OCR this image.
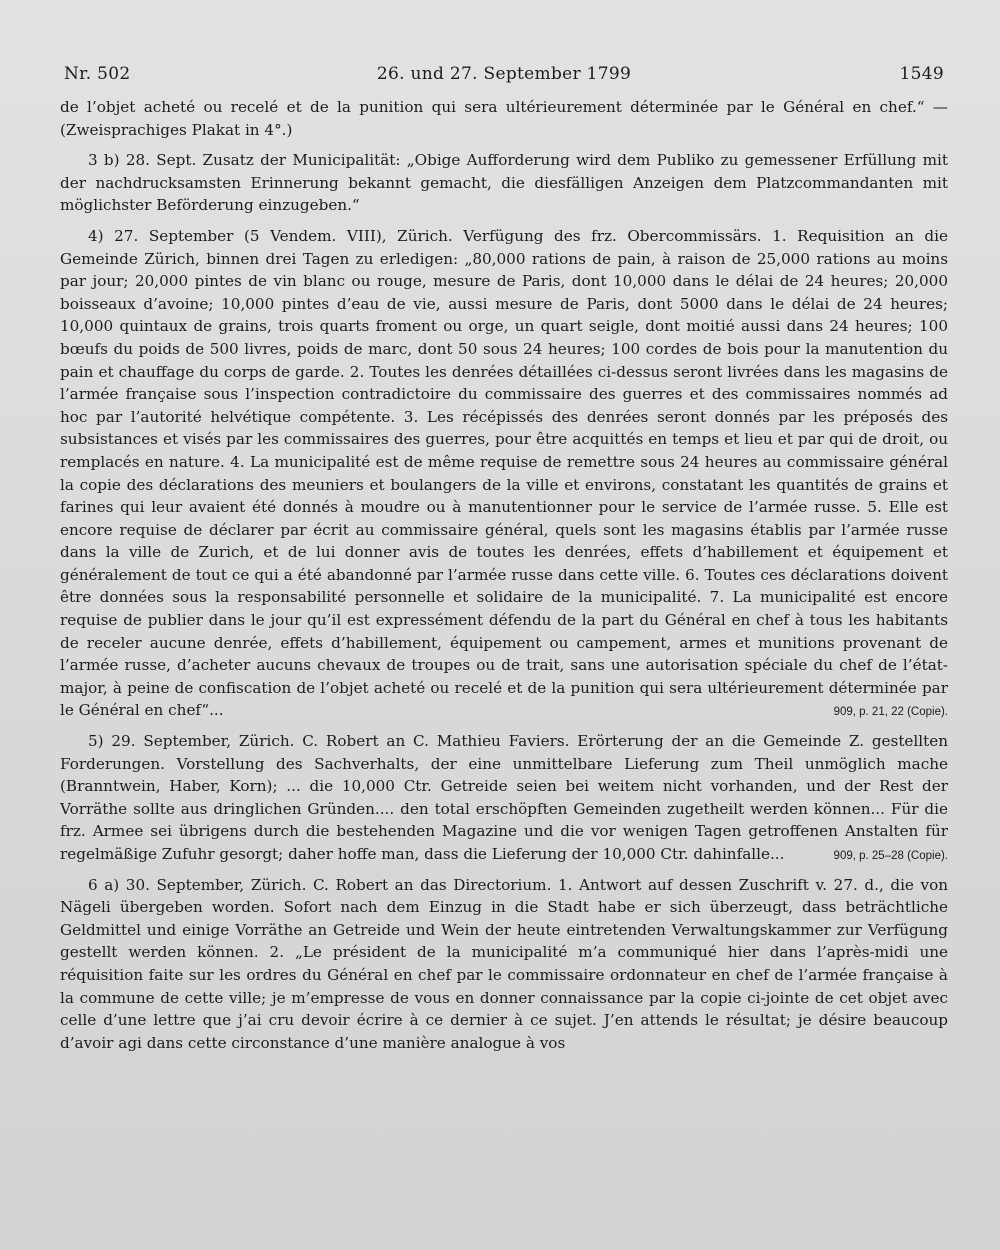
Nr. 502	26. und 27. September 1799	1549

de l’objet acheté ou recelé et de la punition qui sera ultérieurement déterminée par le Général en chef.“ — (Zweisprachiges Plakat in 4°.)

3 b) 28. Sept. Zusatz der Municipalität: „Obige Aufforderung wird dem Publiko zu gemessener Erfüllung mit der nachdrucksamsten Erinnerung bekannt gemacht, die diesfälligen Anzeigen dem Platzcommandanten mit möglichster Beförderung einzugeben.“

4) 27. September (5 Vendem. VIII), Zürich. Verfügung des frz. Obercommissärs. 1. Requisition an die Gemeinde Zürich, binnen drei Tagen zu erledigen: „80,000 rations de pain, à raison de 25,000 rations au moins par jour; 20,000 pintes de vin blanc ou rouge, mesure de Paris, dont 10,000 dans le délai de 24 heures; 20,000 boisseaux d’avoine; 10,000 pintes d’eau de vie, aussi mesure de Paris, dont 5000 dans le délai de 24 heures; 10,000 quintaux de grains, trois quarts froment ou orge, un quart seigle, dont moitié aussi dans 24 heures; 100 bœufs du poids de 500 livres, poids de marc, dont 50 sous 24 heures; 100 cordes de bois pour la manutention du pain et chauffage du corps de garde. 2. Toutes les denrées détaillées ci-dessus seront livrées dans les magasins de l’armée française sous l’inspection contradictoire du commissaire des guerres et des commissaires nommés ad hoc par l’autorité helvétique compétente. 3. Les récépissés des denrées seront donnés par les préposés des subsistances et visés par les commissaires des guerres, pour être acquittés en temps et lieu et par qui de droit, ou remplacés en nature. 4. La municipalité est de même requise de remettre sous 24 heures au commissaire général la copie des déclarations des meuniers et boulangers de la ville et environs, constatant les quantités de grains et farines qui leur avaient été donnés à moudre ou à manutentionner pour le service de l’armée russe. 5. Elle est encore requise de déclarer par écrit au commissaire général, quels sont les magasins établis par l’armée russe dans la ville de Zurich, et de lui donner avis de toutes les denrées, effets d’habillement et équipement et généralement de tout ce qui a été abandonné par l’armée russe dans cette ville. 6. Toutes ces déclarations doivent être données sous la responsabilité personnelle et solidaire de la municipalité. 7. La municipalité est encore requise de publier dans le jour qu’il est expressément défendu de la part du Général en chef à tous les habitants de receler aucune denrée, effets d’habillement, équipement ou campement, armes et munitions provenant de l’armée russe, d’acheter aucuns chevaux de troupes ou de trait, sans une autorisation spéciale du chef de l’état-major, à peine de confiscation de l’objet acheté ou recelé et de la punition qui sera ultérieurement déterminée par le Général en chef“...	909, p. 21, 22 (Copie).

5) 29. September, Zürich. C. Robert an C. Mathieu Faviers. Erörterung der an die Gemeinde Z. gestellten Forderungen. Vorstellung des Sachverhalts, der eine unmittelbare Lieferung zum Theil unmöglich mache (Branntwein, Haber, Korn); ... die 10,000 Ctr. Getreide seien bei weitem nicht vorhanden, und der Rest der Vorräthe sollte aus dringlichen Gründen.... den total erschöpften Gemeinden zugetheilt werden können... Für die frz. Armee sei übrigens durch die bestehenden Magazine und die vor wenigen Tagen getroffenen Anstalten für regelmäßige Zufuhr gesorgt; daher hoffe man, dass die Lieferung der 10,000 Ctr. dahinfalle...	909, p. 25–28 (Copie).

6 a) 30. September, Zürich. C. Robert an das Directorium. 1. Antwort auf dessen Zuschrift v. 27. d., die von Nägeli übergeben worden. Sofort nach dem Einzug in die Stadt habe er sich überzeugt, dass beträchtliche Geldmittel und einige Vorräthe an Getreide und Wein der heute eintretenden Verwaltungskammer zur Verfügung gestellt werden können. 2. „Le président de la municipalité m’a communiqué hier dans l’après-midi une réquisition faite sur les ordres du Général en chef par le commissaire ordonnateur en chef de l’armée française à la commune de cette ville; je m’empresse de vous en donner connaissance par la copie ci-jointe de cet objet avec celle d’une lettre que j’ai cru devoir écrire à ce dernier à ce sujet. J’en attends le résultat; je désire beaucoup d’avoir agi dans cette circonstance d’une manière analogue à vos
